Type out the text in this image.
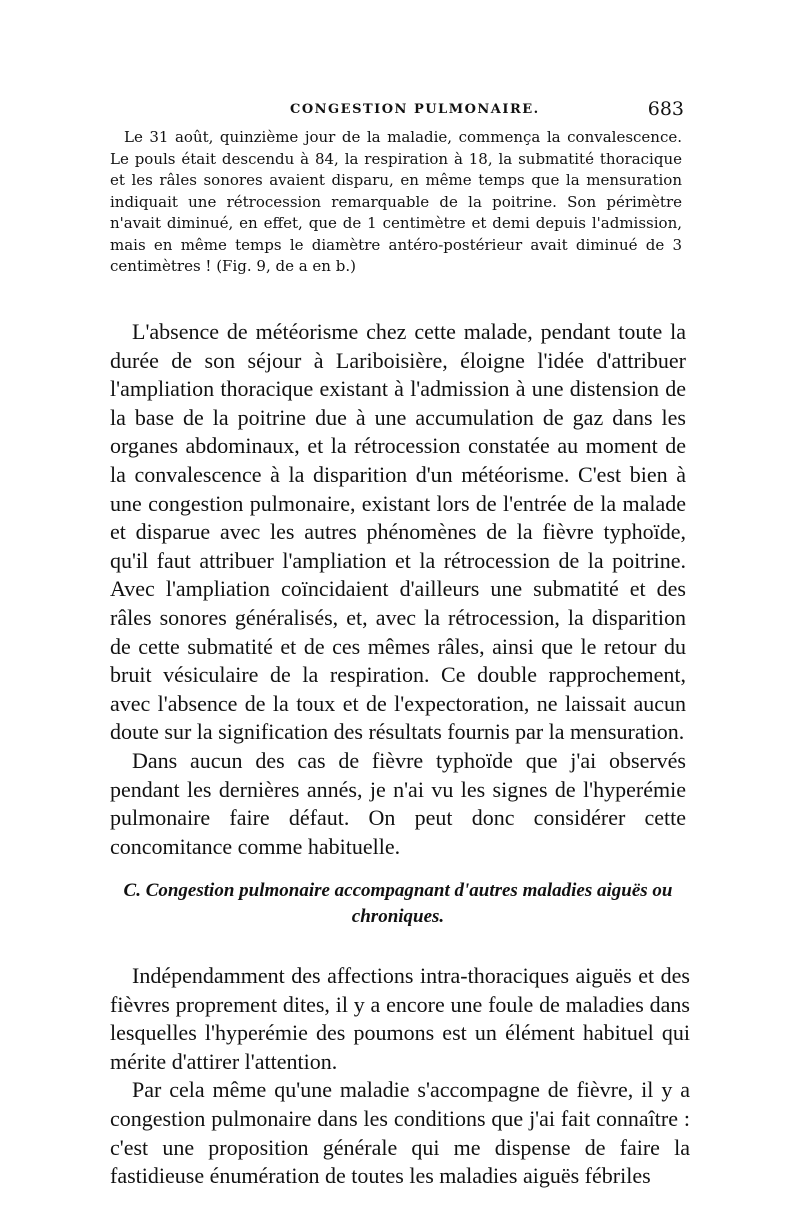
CONGESTION PULMONAIRE.	683

Le 31 août, quinzième jour de la maladie, commença la convalescence. Le pouls était descendu à 84, la respiration à 18, la submatité thoracique et les râles sonores avaient disparu, en même temps que la mensuration indiquait une rétrocession remarquable de la poitrine. Son périmètre n'avait diminué, en effet, que de 1 centimètre et demi depuis l'admission, mais en même temps le diamètre antéro-postérieur avait diminué de 3 centimètres ! (Fig. 9, de a en b.)

L'absence de météorisme chez cette malade, pendant toute la durée de son séjour à Lariboisière, éloigne l'idée d'attribuer l'ampliation thoracique existant à l'admission à une distension de la base de la poitrine due à une accumulation de gaz dans les organes abdominaux, et la rétrocession constatée au moment de la convalescence à la disparition d'un météorisme. C'est bien à une congestion pulmonaire, existant lors de l'entrée de la malade et disparue avec les autres phénomènes de la fièvre typhoïde, qu'il faut attribuer l'ampliation et la rétrocession de la poitrine. Avec l'ampliation coïncidaient d'ailleurs une submatité et des râles sonores généralisés, et, avec la rétrocession, la disparition de cette submatité et de ces mêmes râles, ainsi que le retour du bruit vésiculaire de la respiration. Ce double rapprochement, avec l'absence de la toux et de l'expectoration, ne laissait aucun doute sur la signification des résultats fournis par la mensuration.

Dans aucun des cas de fièvre typhoïde que j'ai observés pendant les dernières annés, je n'ai vu les signes de l'hyperémie pulmonaire faire défaut. On peut donc considérer cette concomitance comme habituelle.

C. Congestion pulmonaire accompagnant d'autres maladies aiguës ou chroniques.

Indépendamment des affections intra-thoraciques aiguës et des fièvres proprement dites, il y a encore une foule de maladies dans lesquelles l'hyperémie des poumons est un élément habituel qui mérite d'attirer l'attention.

Par cela même qu'une maladie s'accompagne de fièvre, il y a congestion pulmonaire dans les conditions que j'ai fait connaître : c'est une proposition générale qui me dispense de faire la fastidieuse énumération de toutes les maladies aiguës fébriles
